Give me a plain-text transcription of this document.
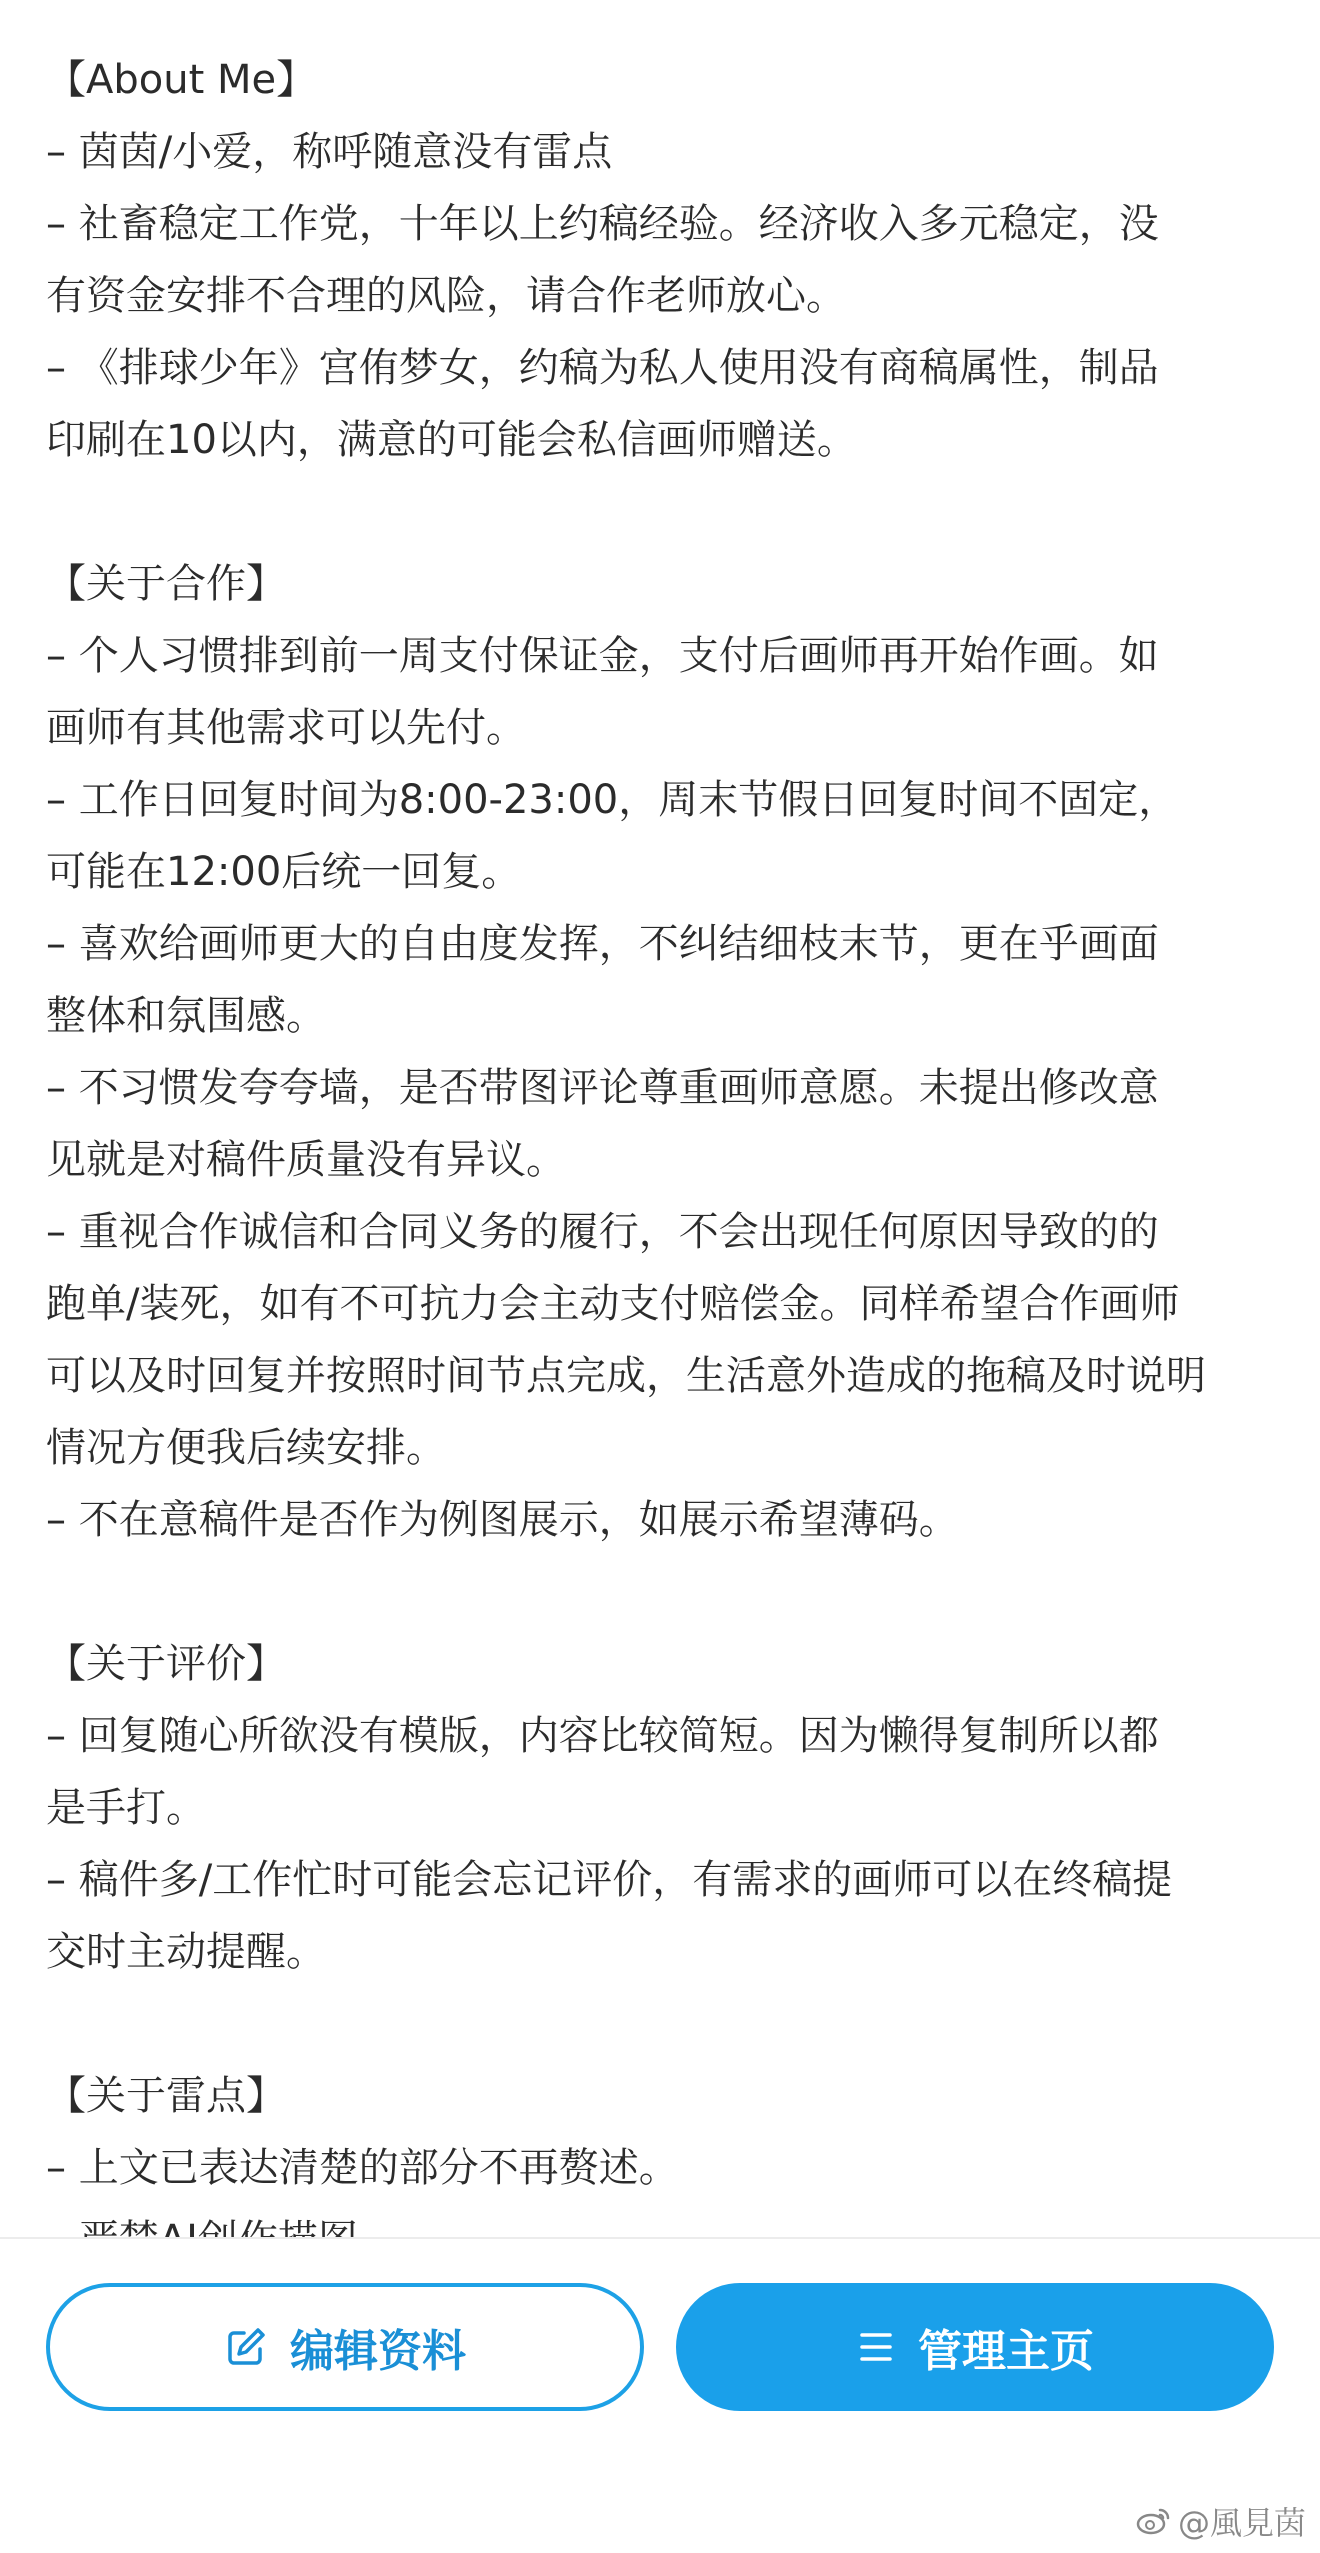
【About Me】
– 茵茵/小爱，称呼随意没有雷点
– 社畜稳定工作党，十年以上约稿经验。经济收入多元稳定，没
有资金安排不合理的风险，请合作老师放心。
– 《排球少年》宫侑梦女，约稿为私人使用没有商稿属性，制品
印刷在10以内，满意的可能会私信画师赠送。
【关于合作】
– 个人习惯排到前一周支付保证金，支付后画师再开始作画。如
画师有其他需求可以先付。
– 工作日回复时间为8:00-23:00，周末节假日回复时间不固定，
可能在12:00后统一回复。
– 喜欢给画师更大的自由度发挥，不纠结细枝末节，更在乎画面
整体和氛围感。
– 不习惯发夸夸墙，是否带图评论尊重画师意愿。未提出修改意
见就是对稿件质量没有异议。
– 重视合作诚信和合同义务的履行，不会出现任何原因导致的的
跑单/装死，如有不可抗力会主动支付赔偿金。同样希望合作画师
可以及时回复并按照时间节点完成，生活意外造成的拖稿及时说明
情况方便我后续安排。
– 不在意稿件是否作为例图展示，如展示希望薄码。
【关于评价】
– 回复随心所欲没有模版，内容比较简短。因为懒得复制所以都
是手打。
– 稿件多/工作忙时可能会忘记评价，有需求的画师可以在终稿提
交时主动提醒。
【关于雷点】
– 上文已表达清楚的部分不再赘述。
编辑资料	管理主页
@風見茵
